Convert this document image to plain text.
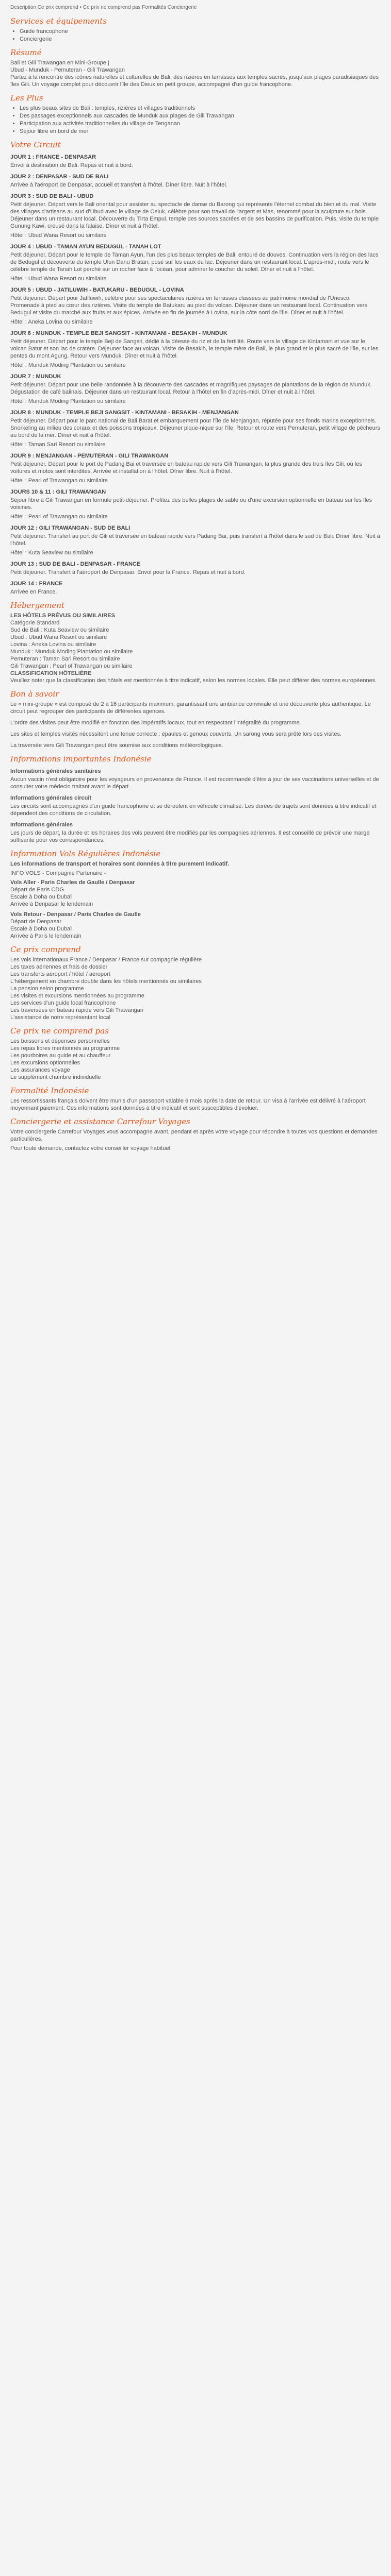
Description Ce prix comprend • Ce prix ne comprend pas Formalités Conciergerie

Services et équipements
• Guide francophone
• Conciergerie
Résumé

Bali et Gili Trawangan en Mini-Groupe |

Ubud - Munduk - Pemuteran - Gili Trawangan

Partez à la rencontre des icônes naturelles et culturelles de Bali, des rizières en terrasses aux temples sacrés, jusqu'aux plages paradisiaques des îles Gili. Un voyage complet pour découvrir l'île des Dieux en petit groupe, accompagné d'un guide francophone.

Les Plus
• Les plus beaux sites de Bali : temples, rizières et villages traditionnels
• Des passages exceptionnels aux cascades de Munduk aux plages de Gili Trawangan
• Participation aux activités traditionnelles du village de Tenganan
• Séjour libre en bord de mer
Votre Circuit

JOUR 1 : FRANCE - DENPASAR

Envol à destination de Bali. Repas et nuit à bord.

JOUR 2 : DENPASAR - SUD DE BALI

Arrivée à l'aéroport de Denpasar, accueil et transfert à l'hôtel. Dîner libre. Nuit à l'hôtel.

JOUR 3 : SUD DE BALI - UBUD

Petit déjeuner. Départ vers le Bali oriental pour assister au spectacle de danse du Barong qui représente l'éternel combat du bien et du mal. Visite des villages d'artisans au sud d'Ubud avec le village de Celuk, célèbre pour son travail de l'argent et Mas, renommé pour la sculpture sur bois. Déjeuner dans un restaurant local. Découverte du Tirta Empul, temple des sources sacrées et de ses bassins de purification. Puis, visite du temple Gunung Kawi, creusé dans la falaise. Dîner et nuit à l'hôtel.

Hôtel : Ubud Wana Resort ou similaire

JOUR 4 : UBUD - TAMAN AYUN BEDUGUL - TANAH LOT

Petit déjeuner. Départ pour le temple de Taman Ayun, l'un des plus beaux temples de Bali, entouré de douves. Continuation vers la région des lacs de Bedugul et découverte du temple Ulun Danu Bratan, posé sur les eaux du lac. Déjeuner dans un restaurant local. L'après-midi, route vers le célèbre temple de Tanah Lot perché sur un rocher face à l'océan, pour admirer le coucher du soleil. Dîner et nuit à l'hôtel.

Hôtel : Ubud Wana Resort ou similaire

JOUR 5 : UBUD - JATILUWIH - BATUKARU - BEDUGUL - LOVINA

Petit déjeuner. Départ pour Jatiluwih, célèbre pour ses spectaculaires rizières en terrasses classées au patrimoine mondial de l'Unesco. Promenade à pied au cœur des rizières. Visite du temple de Batukaru au pied du volcan. Déjeuner dans un restaurant local. Continuation vers Bedugul et visite du marché aux fruits et aux épices. Arrivée en fin de journée à Lovina, sur la côte nord de l'île. Dîner et nuit à l'hôtel.

Hôtel : Aneka Lovina ou similaire

JOUR 6 : MUNDUK - TEMPLE BEJI SANGSIT - KINTAMANI - BESAKIH - MUNDUK

Petit déjeuner. Départ pour le temple Beji de Sangsit, dédié à la déesse du riz et de la fertilité. Route vers le village de Kintamani et vue sur le volcan Batur et son lac de cratère. Déjeuner face au volcan. Visite de Besakih, le temple mère de Bali, le plus grand et le plus sacré de l'île, sur les pentes du mont Agung. Retour vers Munduk. Dîner et nuit à l'hôtel.

Hôtel : Munduk Moding Plantation ou similaire

JOUR 7 : MUNDUK

Petit déjeuner. Départ pour une belle randonnée à la découverte des cascades et magnifiques paysages de plantations de la région de Munduk. Dégustation de café balinais. Déjeuner dans un restaurant local. Retour à l'hôtel en fin d'après-midi. Dîner et nuit à l'hôtel.

Hôtel : Munduk Moding Plantation ou similaire

JOUR 8 : MUNDUK - TEMPLE BEJI SANGSIT - KINTAMANI - BESAKIH - MENJANGAN

Petit déjeuner. Départ pour le parc national de Bali Barat et embarquement pour l'île de Menjangan, réputée pour ses fonds marins exceptionnels. Snorkeling au milieu des coraux et des poissons tropicaux. Déjeuner pique-nique sur l'île. Retour et route vers Pemuteran, petit village de pêcheurs au bord de la mer. Dîner et nuit à l'hôtel.

Hôtel : Taman Sari Resort ou similaire

JOUR 9 : MENJANGAN - PEMUTERAN - GILI TRAWANGAN

Petit déjeuner. Départ pour le port de Padang Bai et traversée en bateau rapide vers Gili Trawangan, la plus grande des trois îles Gili, où les voitures et motos sont interdites. Arrivée et installation à l'hôtel. Dîner libre. Nuit à l'hôtel.

Hôtel : Pearl of Trawangan ou similaire

JOURS 10 & 11 : GILI TRAWANGAN

Séjour libre à Gili Trawangan en formule petit-déjeuner. Profitez des belles plages de sable ou d'une excursion optionnelle en bateau sur les îles voisines.

Hôtel : Pearl of Trawangan ou similaire

JOUR 12 : GILI TRAWANGAN - SUD DE BALI

Petit déjeuner. Transfert au port de Gili et traversée en bateau rapide vers Padang Bai, puis transfert à l'hôtel dans le sud de Bali. Dîner libre. Nuit à l'hôtel.

Hôtel : Kuta Seaview ou similaire

JOUR 13 : SUD DE BALI - DENPASAR - FRANCE

Petit déjeuner. Transfert à l'aéroport de Denpasar. Envol pour la France. Repas et nuit à bord.

JOUR 14 : FRANCE

Arrivée en France.

Hébergement

LES HÔTELS PRÉVUS OU SIMILAIRES

Catégorie Standard

Sud de Bali : Kuta Seaview ou similaire

Ubud : Ubud Wana Resort ou similaire

Lovina : Aneka Lovina ou similaire

Munduk : Munduk Moding Plantation ou similaire

Pemuteran : Taman Sari Resort ou similaire

Gili Trawangan : Pearl of Trawangan ou similaire

CLASSIFICATION HÔTELIÈRE

Veuillez noter que la classification des hôtels est mentionnée à titre indicatif, selon les normes locales. Elle peut différer des normes européennes.

Bon à savoir

Le « mini-groupe » est composé de 2 à 16 participants maximum, garantissant une ambiance conviviale et une découverte plus authentique. Le circuit peut regrouper des participants de différentes agences.

L'ordre des visites peut être modifié en fonction des impératifs locaux, tout en respectant l'intégralité du programme.

Les sites et temples visités nécessitent une tenue correcte : épaules et genoux couverts. Un sarong vous sera prêté lors des visites.

La traversée vers Gili Trawangan peut être soumise aux conditions météorologiques.

Informations importantes Indonésie
Informations générales sanitaires

Aucun vaccin n'est obligatoire pour les voyageurs en provenance de France. Il est recommandé d'être à jour de ses vaccinations universelles et de consulter votre médecin traitant avant le départ.

Informations générales circuit

Les circuits sont accompagnés d'un guide francophone et se déroulent en véhicule climatisé. Les durées de trajets sont données à titre indicatif et dépendent des conditions de circulation.

Informations générales

Les jours de départ, la durée et les horaires des vols peuvent être modifiés par les compagnies aériennes. Il est conseillé de prévoir une marge suffisante pour vos correspondances.

Information Vols Régulières Indonésie

Les informations de transport et horaires sont données à titre purement indicatif.

INFO VOLS - Compagnie Partenaire -

Vols Aller - Paris Charles de Gaulle / Denpasar

Départ de Paris CDG

Escale à Doha ou Dubaï

Arrivée à Denpasar le lendemain

Vols Retour - Denpasar / Paris Charles de Gaulle

Départ de Denpasar

Escale à Doha ou Dubaï

Arrivée à Paris le lendemain

Ce prix comprend

Les vols internationaux France / Denpasar / France sur compagnie régulière

Les taxes aériennes et frais de dossier

Les transferts aéroport / hôtel / aéroport

L'hébergement en chambre double dans les hôtels mentionnés ou similaires

La pension selon programme

Les visites et excursions mentionnées au programme

Les services d'un guide local francophone

Les traversées en bateau rapide vers Gili Trawangan

L'assistance de notre représentant local

Ce prix ne comprend pas

Les boissons et dépenses personnelles

Les repas libres mentionnés au programme

Les pourboires au guide et au chauffeur

Les excursions optionnelles

Les assurances voyage

Le supplément chambre individuelle

Formalité Indonésie

Les ressortissants français doivent être munis d'un passeport valable 6 mois après la date de retour. Un visa à l'arrivée est délivré à l'aéroport moyennant paiement. Ces informations sont données à titre indicatif et sont susceptibles d'évoluer.

Conciergerie et assistance Carrefour Voyages

Votre conciergerie Carrefour Voyages vous accompagne avant, pendant et après votre voyage pour répondre à toutes vos questions et demandes particulières.

Pour toute demande, contactez votre conseiller voyage habituel.
